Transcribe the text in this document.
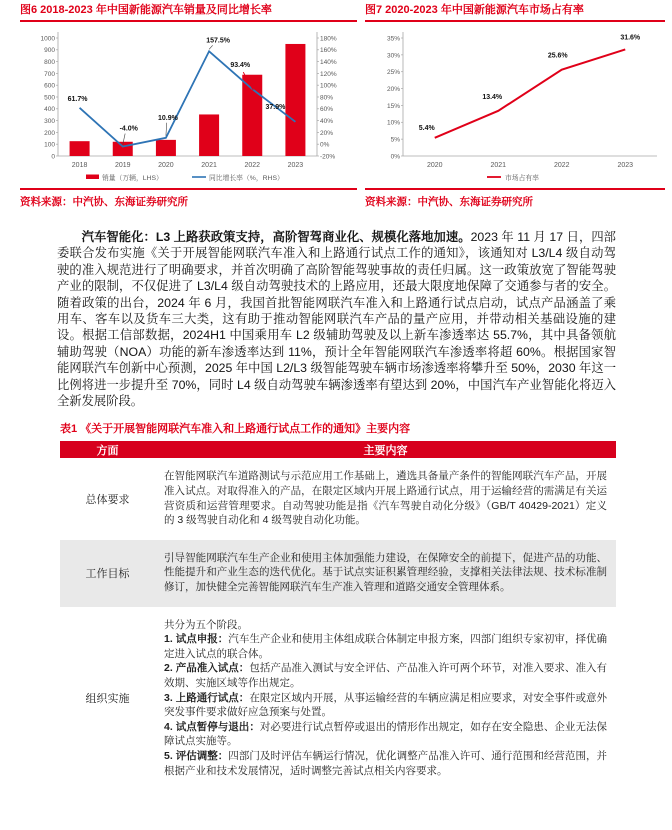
图6 2018-2023 年中国新能源汽车销量及同比增长率
0
100
200
300
400
500
600
700
800
900
1000
-20%
0%
20%
40%
60%
80%
100%
120%
140%
160%
180%
2018	2019	2020	2021	2022	2023
61.7%
-4.0%
10.9%
157.5%
93.4%
37.9%
销量（万辆，LHS）	同比增长率（%，RHS）
资料来源：中汽协、东海证券研究所
图7 2020-2023 年中国新能源汽车市场占有率
0%
5%
10%
15%
20%
25%
30%
35%
2020	2021	2022	2023
5.4%
13.4%
25.6%
31.6%
市场占有率
资料来源：中汽协、东海证券研究所

汽车智能化：L3 上路获政策支持，高阶智驾商业化、规模化落地加速。2023 年 11 月 17 日，四部委联合发布实施《关于开展智能网联汽车准入和上路通行试点工作的通知》，该通知对 L3/L4 级自动驾驶的准入规范进行了明确要求，并首次明确了高阶智能驾驶事故的责任归属。这一政策放宽了智能驾驶产业的限制，不仅促进了 L3/L4 级自动驾驶技术的上路应用，还最大限度地保障了交通参与者的安全。随着政策的出台，2024 年 6 月，我国首批智能网联汽车准入和上路通行试点启动，试点产品涵盖了乘用车、客车以及货车三大类，这有助于推动智能网联汽车产品的量产应用，并带动相关基础设施的建设。根据工信部数据，2024H1 中国乘用车 L2 级辅助驾驶及以上新车渗透率达 55.7%，其中具备领航辅助驾驶（NOA）功能的新车渗透率达到 11%，预计全年智能网联汽车渗透率将超 60%。根据国家智能网联汽车创新中心预测，2025 年中国 L2/L3 级智能驾驶车辆市场渗透率将攀升至 50%，2030 年这一比例将进一步提升至 70%，同时 L4 级自动驾驶车辆渗透率有望达到 20%，中国汽车产业智能化将迈入全新发展阶段。

表1 《关于开展智能网联汽车准入和上路通行试点工作的通知》主要内容
方面	主要内容
总体要求	在智能网联汽车道路测试与示范应用工作基础上，遴选具备量产条件的智能网联汽车产品，开展准入试点。对取得准入的产品，在限定区域内开展上路通行试点，用于运输经营的需满足有关运营资质和运营管理要求。自动驾驶功能是指《汽车驾驶自动化分级》（GB/T 40429-2021）定义的 3 级驾驶自动化和 4 级驾驶自动化功能。

工作目标	引导智能网联汽车生产企业和使用主体加强能力建设，在保障安全的前提下，促进产品的功能、性能提升和产业生态的迭代优化。基于试点实证积累管理经验，支撑相关法律法规、技术标准制修订，加快健全完善智能网联汽车生产准入管理和道路交通安全管理体系。

组织实施	
共分为五个阶段。
1. 试点申报：汽车生产企业和使用主体组成联合体制定申报方案，四部门组织专家初审，择优确定进入试点的联合体。
2. 产品准入试点：包括产品准入测试与安全评估、产品准入许可两个环节，对准入要求、准入有效期、实施区域等作出规定。
3. 上路通行试点：在限定区域内开展，从事运输经营的车辆应满足相应要求，对安全事件或意外突发事件要求做好应急预案与处置。
4. 试点暂停与退出：对必要进行试点暂停或退出的情形作出规定，如存在安全隐患、企业无法保障试点实施等。
5. 评估调整：四部门及时评估车辆运行情况，优化调整产品准入许可、通行范围和经营范围，并根据产业和技术发展情况，适时调整完善试点相关内容要求。
